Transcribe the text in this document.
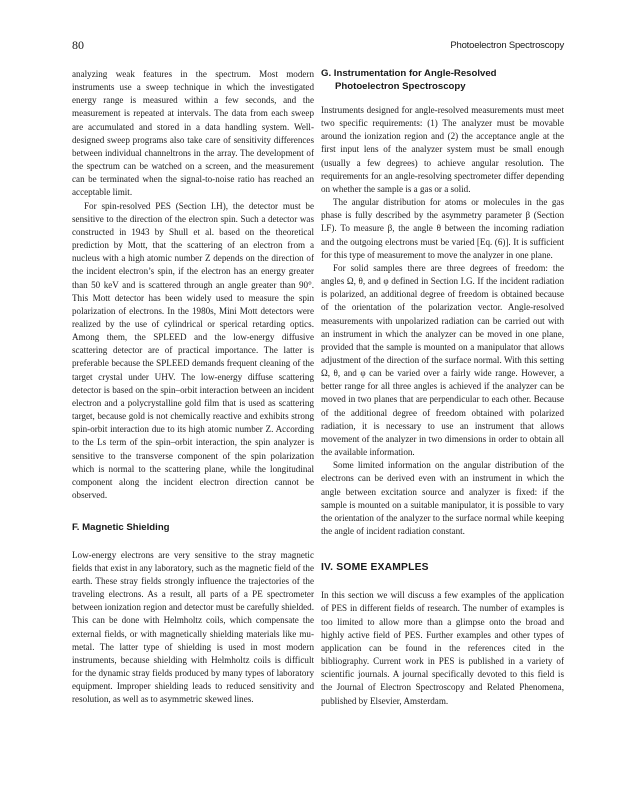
80	Photoelectron Spectroscopy

analyzing weak features in the spectrum. Most modern instruments use a sweep technique in which the investigated energy range is measured within a few seconds, and the measurement is repeated at intervals. The data from each sweep are accumulated and stored in a data handling system. Well-designed sweep programs also take care of sensitivity differences between individual channeltrons in the array. The development of the spectrum can be watched on a screen, and the measurement can be terminated when the signal-to-noise ratio has reached an acceptable limit.

For spin-resolved PES (Section I.H), the detector must be sensitive to the direction of the electron spin. Such a detector was constructed in 1943 by Shull et al. based on the theoretical prediction by Mott, that the scattering of an electron from a nucleus with a high atomic number Z depends on the direction of the incident electron’s spin, if the electron has an energy greater than 50 keV and is scattered through an angle greater than 90°. This Mott detector has been widely used to measure the spin polarization of electrons. In the 1980s, Mini Mott detectors were realized by the use of cylindrical or sperical retarding optics. Among them, the SPLEED and the low-energy diffusive scattering detector are of practical importance. The latter is preferable because the SPLEED demands frequent cleaning of the target crystal under UHV. The low-energy diffuse scattering detector is based on the spin–orbit interaction between an incident electron and a polycrystalline gold film that is used as scattering target, because gold is not chemically reactive and exhibits strong spin-orbit interaction due to its high atomic number Z. According to the Ls term of the spin–orbit interaction, the spin analyzer is sensitive to the transverse component of the spin polarization which is normal to the scattering plane, while the longitudinal component along the incident electron direction cannot be observed.

F. Magnetic Shielding

Low-energy electrons are very sensitive to the stray magnetic fields that exist in any laboratory, such as the magnetic field of the earth. These stray fields strongly influence the trajectories of the traveling electrons. As a result, all parts of a PE spectrometer between ionization region and detector must be carefully shielded. This can be done with Helmholtz coils, which compensate the external fields, or with magnetically shielding materials like mu-metal. The latter type of shielding is used in most modern instruments, because shielding with Helmholtz coils is difficult for the dynamic stray fields produced by many types of laboratory equipment. Improper shielding leads to reduced sensitivity and resolution, as well as to asymmetric skewed lines.

G. Instrumentation for Angle-Resolved
Photoelectron Spectroscopy

Instruments designed for angle-resolved measurements must meet two specific requirements: (1) The analyzer must be movable around the ionization region and (2) the acceptance angle at the first input lens of the analyzer system must be small enough (usually a few degrees) to achieve angular resolution. The requirements for an angle-resolving spectrometer differ depending on whether the sample is a gas or a solid.

The angular distribution for atoms or molecules in the gas phase is fully described by the asymmetry parameter β (Section I.F). To measure β, the angle θ between the incoming radiation and the outgoing electrons must be varied [Eq. (6)]. It is sufficient for this type of measurement to move the analyzer in one plane.

For solid samples there are three degrees of freedom: the angles Ω, θ, and φ defined in Section I.G. If the incident radiation is polarized, an additional degree of freedom is obtained because of the orientation of the polarization vector. Angle-resolved measurements with unpolarized radiation can be carried out with an instrument in which the analyzer can be moved in one plane, provided that the sample is mounted on a manipulator that allows adjustment of the direction of the surface normal. With this setting Ω, θ, and φ can be varied over a fairly wide range. However, a better range for all three angles is achieved if the analyzer can be moved in two planes that are perpendicular to each other. Because of the additional degree of freedom obtained with polarized radiation, it is necessary to use an instrument that allows movement of the analyzer in two dimensions in order to obtain all the available information.

Some limited information on the angular distribution of the electrons can be derived even with an instrument in which the angle between excitation source and analyzer is fixed: if the sample is mounted on a suitable manipulator, it is possible to vary the orientation of the analyzer to the surface normal while keeping the angle of incident radiation constant.

IV. SOME EXAMPLES

In this section we will discuss a few examples of the application of PES in different fields of research. The number of examples is too limited to allow more than a glimpse onto the broad and highly active field of PES. Further examples and other types of application can be found in the references cited in the bibliography. Current work in PES is published in a variety of scientific journals. A journal specifically devoted to this field is the Journal of Electron Spectroscopy and Related Phenomena, published by Elsevier, Amsterdam.
